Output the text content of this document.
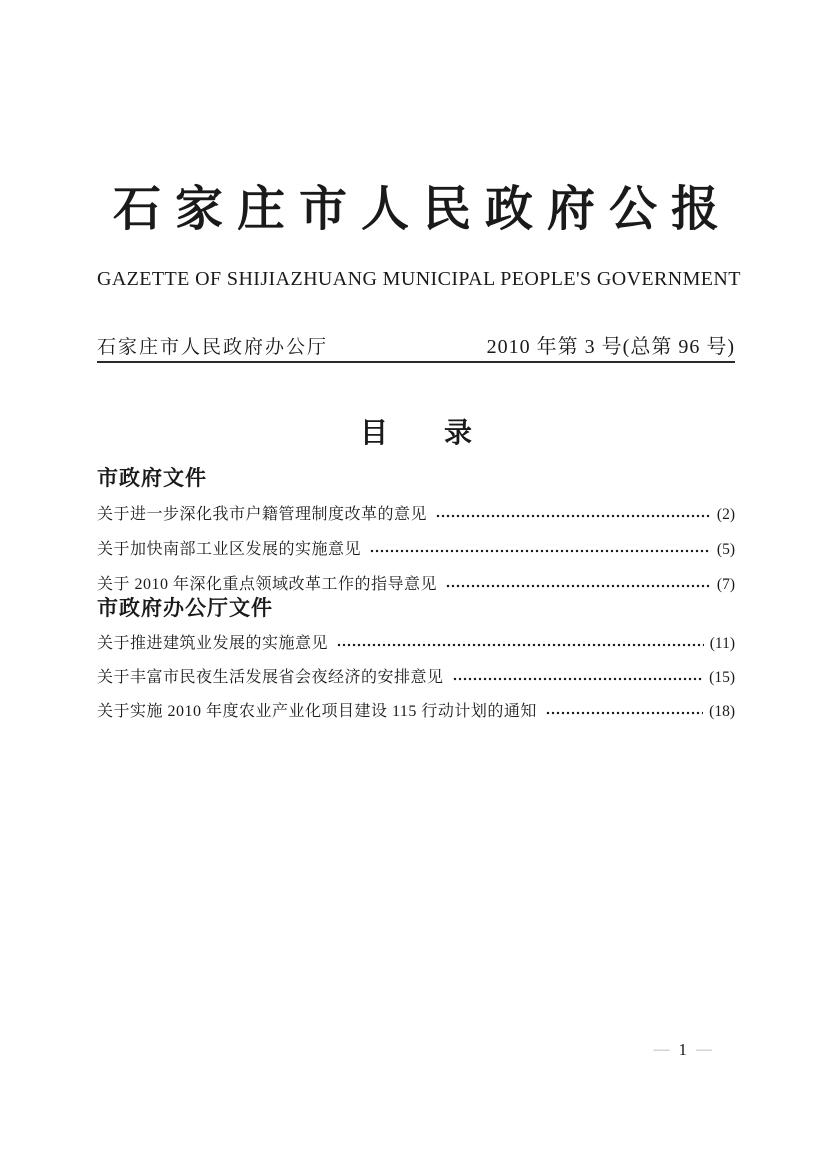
石家庄市人民政府公报
GAZETTE OF SHIJIAZHUANG MUNICIPAL PEOPLE'S GOVERNMENT
石家庄市人民政府办公厅	2010 年第 3 号(总第 96 号)
目　　录
市政府文件
关于进一步深化我市户籍管理制度改革的意见	(2)
关于加快南部工业区发展的实施意见	(5)
关于 2010 年深化重点领域改革工作的指导意见	(7)
市政府办公厅文件
关于推进建筑业发展的实施意见	(11)
关于丰富市民夜生活发展省会夜经济的安排意见	(15)
关于实施 2010 年度农业产业化项目建设 115 行动计划的通知	(18)
— 1 —
